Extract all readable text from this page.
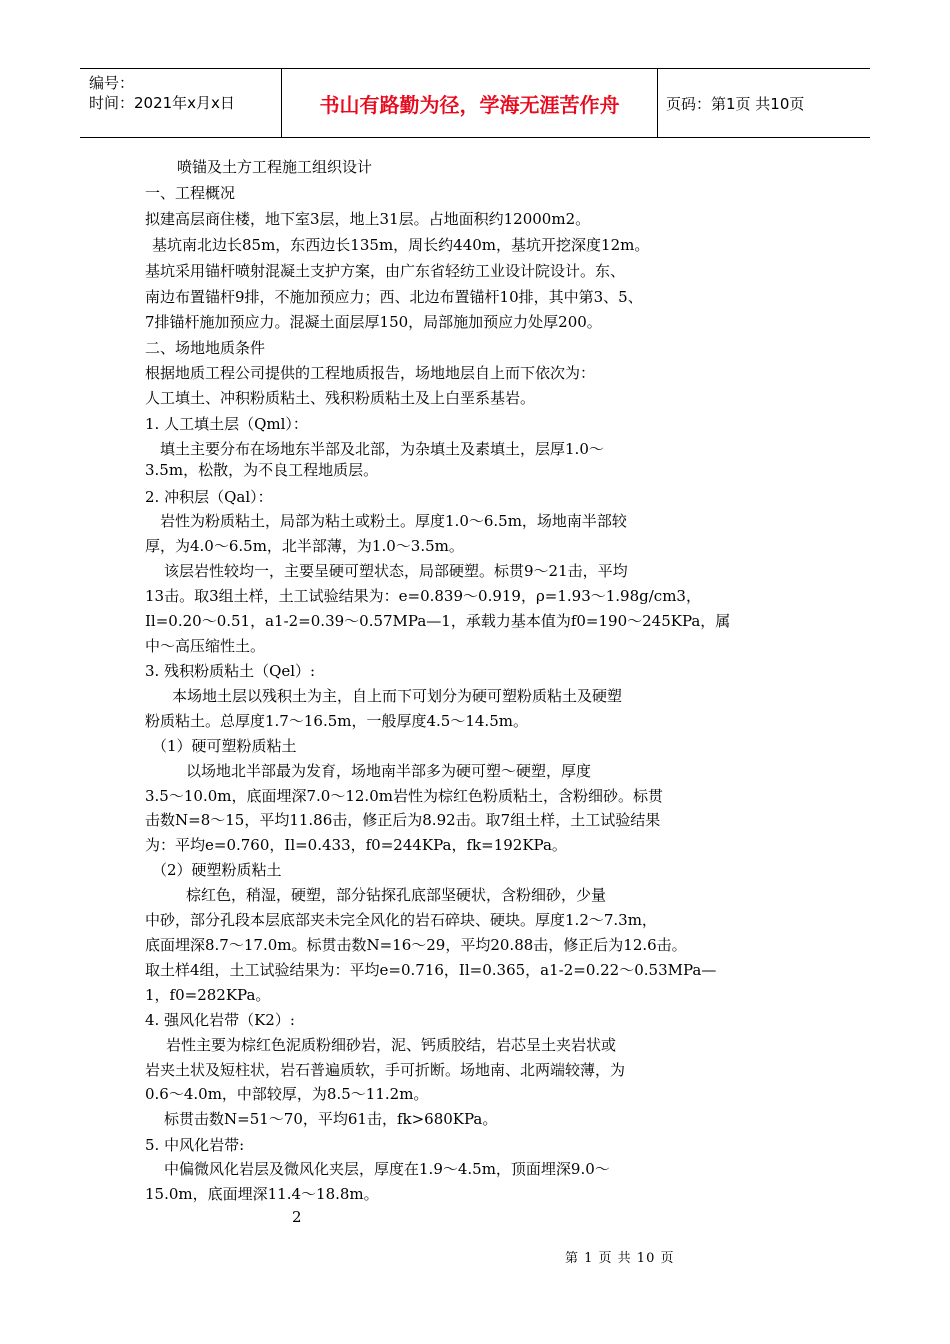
编号：
时间：2021年x月x日	书山有路勤为径，学海无涯苦作舟	页码：第1页 共10页
喷锚及土方工程施工组织设计
一、工程概况
拟建高层商住楼，地下室3层，地上31层。占地面积约12000m2。
基坑南北边长85m，东西边长135m，周长约440m，基坑开挖深度12m。
基坑采用锚杆喷射混凝土支护方案，由广东省轻纺工业设计院设计。东、
南边布置锚杆9排，不施加预应力；西、北边布置锚杆10排，其中第3、5、
7排锚杆施加预应力。混凝土面层厚150，局部施加预应力处厚200。
二、场地地质条件
根据地质工程公司提供的工程地质报告，场地地层自上而下依次为：
人工填土、冲积粉质粘土、残积粉质粘土及上白垩系基岩。
1. 人工填土层（Qml）：
填土主要分布在场地东半部及北部，为杂填土及素填土，层厚1.0～
3.5m，松散，为不良工程地质层。
2. 冲积层（Qal）：
岩性为粉质粘土，局部为粘土或粉土。厚度1.0～6.5m，场地南半部较
厚，为4.0～6.5m，北半部薄，为1.0～3.5m。
该层岩性较均一，主要呈硬可塑状态，局部硬塑。标贯9～21击，平均
13击。取3组土样，土工试验结果为：e=0.839～0.919，ρ=1.93～1.98g/cm3，
Il=0.20～0.51，a1-2=0.39～0.57MPa—1，承载力基本值为f0=190～245KPa，属
中～高压缩性土。
3. 残积粉质粘土（Qel）:
本场地土层以残积土为主，自上而下可划分为硬可塑粉质粘土及硬塑
粉质粘土。总厚度1.7～16.5m，一般厚度4.5～14.5m。
（1）硬可塑粉质粘土
以场地北半部最为发育，场地南半部多为硬可塑～硬塑，厚度
3.5～10.0m，底面埋深7.0～12.0m岩性为棕红色粉质粘土，含粉细砂。标贯
击数N=8～15，平均11.86击，修正后为8.92击。取7组土样，土工试验结果
为：平均e=0.760，Il=0.433，f0=244KPa，fk=192KPa。
（2）硬塑粉质粘土
棕红色，稍湿，硬塑，部分钻探孔底部坚硬状，含粉细砂，少量
中砂，部分孔段本层底部夹未完全风化的岩石碎块、硬块。厚度1.2～7.3m，
底面埋深8.7～17.0m。标贯击数N=16～29，平均20.88击，修正后为12.6击。
取土样4组，土工试验结果为：平均e=0.716，Il=0.365，a1-2=0.22～0.53MPa—
1，f0=282KPa。
4. 强风化岩带（K2）:
岩性主要为棕红色泥质粉细砂岩，泥、钙质胶结，岩芯呈土夹岩状或
岩夹土状及短柱状，岩石普遍质软，手可折断。场地南、北两端较薄，为
0.6～4.0m，中部较厚，为8.5～11.2m。
标贯击数N=51～70，平均61击，fk>680KPa。
5. 中风化岩带:
中偏微风化岩层及微风化夹层，厚度在1.9～4.5m，顶面埋深9.0～
15.0m，底面埋深11.4～18.8m。
2
第 1 页 共 10 页
